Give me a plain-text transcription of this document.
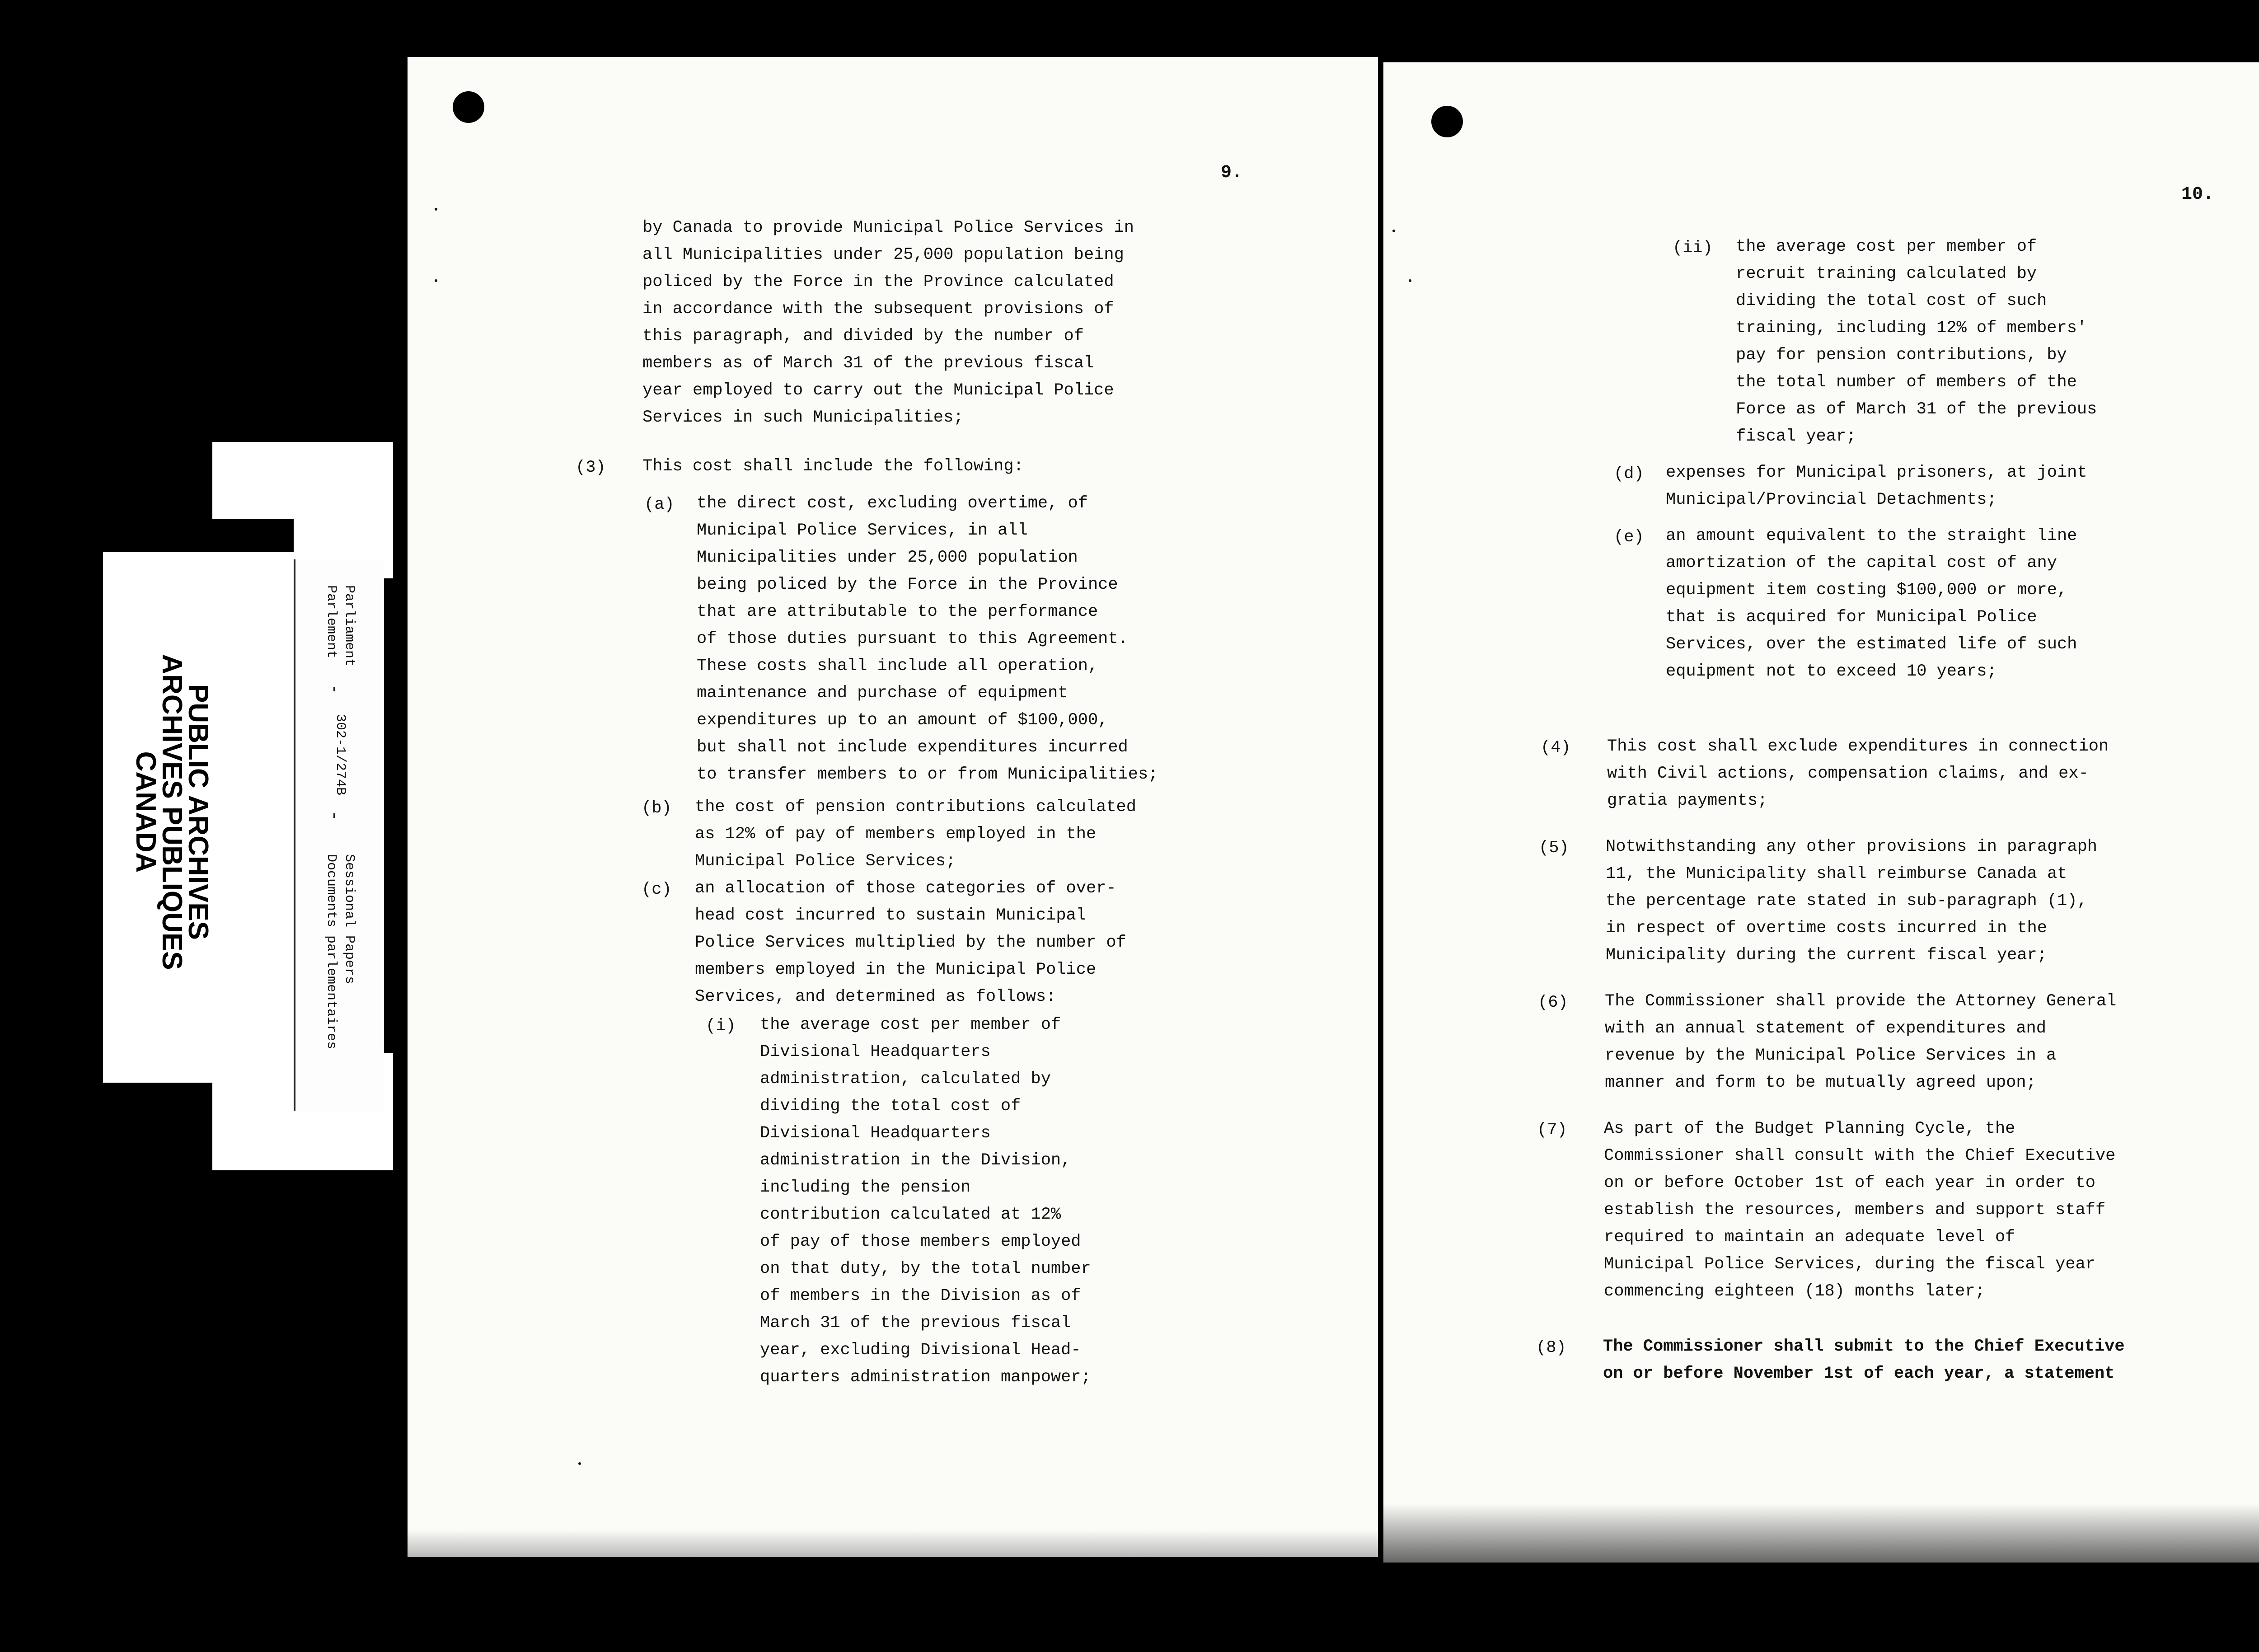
PUBLIC ARCHIVES
ARCHIVES PUBLIQUES
CANADA
Parliament
Parlement
302-1/274B
Sessional Papers
Documents parlementaires
9.
by Canada to provide Municipal Police Services in
all Municipalities under 25,000 population being
policed by the Force in the Province calculated
in accordance with the subsequent provisions of
this paragraph, and divided by the number of
members as of March 31 of the previous fiscal
year employed to carry out the Municipal Police
Services in such Municipalities;
(3) This cost shall include the following:
(a) the direct cost, excluding overtime, of
Municipal Police Services, in all
Municipalities under 25,000 population
being policed by the Force in the Province
that are attributable to the performance
of those duties pursuant to this Agreement.
These costs shall include all operation,
maintenance and purchase of equipment
expenditures up to an amount of $100,000,
but shall not include expenditures incurred
to transfer members to or from Municipalities;
(b) the cost of pension contributions calculated
as 12% of pay of members employed in the
Municipal Police Services;
(c) an allocation of those categories of over-
head cost incurred to sustain Municipal
Police Services multiplied by the number of
members employed in the Municipal Police
Services, and determined as follows:
(i) the average cost per member of
Divisional Headquarters
administration, calculated by
dividing the total cost of
Divisional Headquarters
administration in the Division,
including the pension
contribution calculated at 12%
of pay of those members employed
on that duty, by the total number
of members in the Division as of
March 31 of the previous fiscal
year, excluding Divisional Head-
quarters administration manpower;
10.
(ii) the average cost per member of
recruit training calculated by
dividing the total cost of such
training, including 12% of members'
pay for pension contributions, by
the total number of members of the
Force as of March 31 of the previous
fiscal year;
(d) expenses for Municipal prisoners, at joint
Municipal/Provincial Detachments;
(e) an amount equivalent to the straight line
amortization of the capital cost of any
equipment item costing $100,000 or more,
that is acquired for Municipal Police
Services, over the estimated life of such
equipment not to exceed 10 years;
(4) This cost shall exclude expenditures in connection
with Civil actions, compensation claims, and ex-
gratia payments;
(5) Notwithstanding any other provisions in paragraph
11, the Municipality shall reimburse Canada at
the percentage rate stated in sub-paragraph (1),
in respect of overtime costs incurred in the
Municipality during the current fiscal year;
(6) The Commissioner shall provide the Attorney General
with an annual statement of expenditures and
revenue by the Municipal Police Services in a
manner and form to be mutually agreed upon;
(7) As part of the Budget Planning Cycle, the
Commissioner shall consult with the Chief Executive
on or before October 1st of each year in order to
establish the resources, members and support staff
required to maintain an adequate level of
Municipal Police Services, during the fiscal year
commencing eighteen (18) months later;
(8) The Commissioner shall submit to the Chief Executive
on or before November 1st of each year, a statement
